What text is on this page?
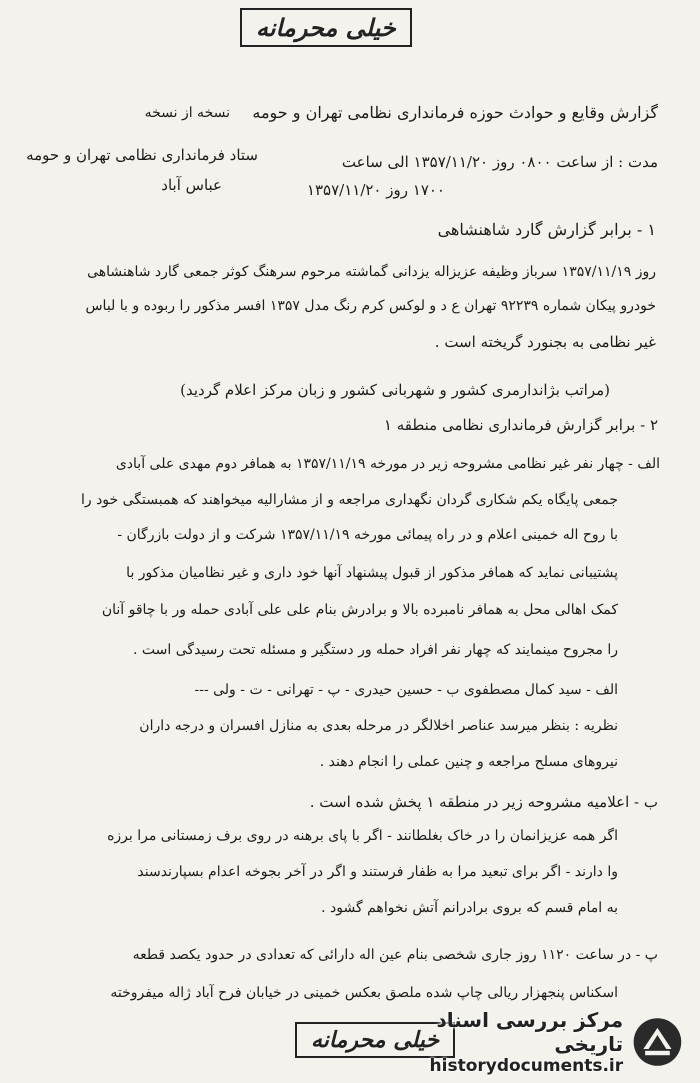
خیلی محرمانه
نسخه از نسخه گزارش وقایع و حوادث حوزه فرمانداری نظامی تهران و حومه
ستاد فرمانداری نظامی تهران و حومه
عباس آباد
مدت : از ساعت ۰۸۰۰ روز ۱۳۵۷/۱۱/۲۰ الی ساعت
۱۷۰۰ روز ۱۳۵۷/۱۱/۲۰
۱ - برابر گزارش گارد شاهنشاهی
روز ۱۳۵۷/۱۱/۱۹ سرباز وظیفه عزیزاله یزدانی گماشته مرحوم سرهنگ کوثر جمعی گارد شاهنشاهی
خودرو پیکان شماره ۹۲۲۳۹ تهران ع د و لوکس کرم رنگ مدل ۱۳۵۷ افسر مذکور را ربوده و با لباس
غیر نظامی به بجنورد گریخته است .
(مراتب بژاندارمری کشور و شهربانی کشور و زبان مرکز اعلام گردید)
۲ - برابر گزارش فرمانداری نظامی منطقه ۱
الف - چهار نفر غیر نظامی مشروحه زیر در مورخه ۱۳۵۷/۱۱/۱۹ به همافر دوم مهدی علی آبادی
جمعی پایگاه یکم شکاری گردان نگهداری مراجعه و از مشارالیه میخواهند که همبستگی خود را
با روح اله خمینی اعلام و در راه پیمائی مورخه ۱۳۵۷/۱۱/۱۹ شرکت و از دولت بازرگان -
پشتیبانی نماید که همافر مذکور از قبول پیشنهاد آنها خود داری و غیر نظامیان مذکور با
کمک اهالی محل به همافر نامبرده بالا و برادرش بنام علی علی آبادی حمله ور با چاقو آنان
را مجروح مینمایند که چهار نفر افراد حمله ور دستگیر و مسئله تحت رسیدگی است .
الف - سید کمال مصطفوی ب - حسین حیدری - پ - تهرانی - ت - ولی ---
نظریه : بنظر میرسد عناصر اخلالگر در مرحله بعدی به منازل افسران و درجه داران
نیروهای مسلح مراجعه و چنین عملی را انجام دهند .
ب - اعلامیه مشروحه زیر در منطقه ۱ پخش شده است .
اگر همه عزیزانمان را در خاک بغلطانند - اگر با پای برهنه در روی برف زمستانی مرا برزه
وا دارند - اگر برای تبعید مرا به ظفار فرستند و اگر در آخر بجوخه اعدام بسپارندسند
به امام قسم که بروی برادرانم آتش نخواهم گشود .
پ - در ساعت ۱۱۲۰ روز جاری شخصی بنام عین اله دارائی که تعدادی در حدود یکصد قطعه
اسکناس پنجهزار ریالی چاپ شده ملصق بعکس خمینی در خیابان فرح آباد ژاله میفروخته
خیلی محرمانه
مرکز بررسی اسناد تاریخی
historydocuments.ir
